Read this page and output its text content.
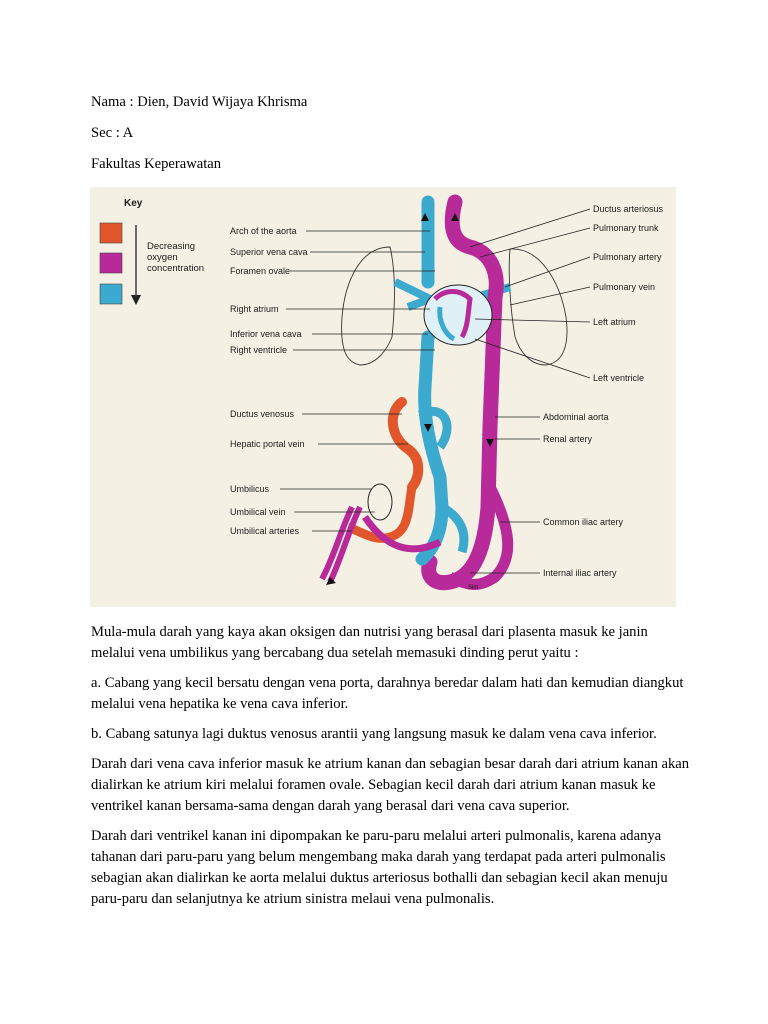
Nama : Dien, David Wijaya Khrisma
Sec : A
Fakultas Keperawatan
Key
Decreasing
oxygen
concentration
Arch of the aorta
Superior vena cava
Foramen ovale
Right atrium
Inferior vena cava
Right ventricle
Ductus venosus
Hepatic portal vein
Umbilicus
Umbilical vein
Umbilical arteries
Ductus arteriosus
Pulmonary trunk
Pulmonary artery
Pulmonary vein
Left atrium
Left ventricle
Abdominal aorta
Renal artery
Common iliac artery
Internal iliac artery
Sim

Mula-mula darah yang kaya akan oksigen dan nutrisi yang berasal dari plasenta masuk ke janin melalui vena umbilikus yang bercabang dua setelah memasuki dinding perut yaitu :

a. Cabang yang kecil bersatu dengan vena porta, darahnya beredar dalam hati dan kemudian diangkut melalui vena hepatika ke vena cava inferior.

b. Cabang satunya lagi duktus venosus arantii yang langsung masuk ke dalam vena cava inferior.

Darah dari vena cava inferior masuk ke atrium kanan dan sebagian besar darah dari atrium kanan akan dialirkan ke atrium kiri melalui foramen ovale. Sebagian kecil darah dari atrium kanan masuk ke ventrikel kanan bersama-sama dengan darah yang berasal dari vena cava superior.

Darah dari ventrikel kanan ini dipompakan ke paru-paru melalui arteri pulmonalis, karena adanya tahanan dari paru-paru yang belum mengembang maka darah yang terdapat pada arteri pulmonalis sebagian akan dialirkan ke aorta melalui duktus arteriosus bothalli dan sebagian kecil akan menuju paru-paru dan selanjutnya ke atrium sinistra melaui vena pulmonalis.
